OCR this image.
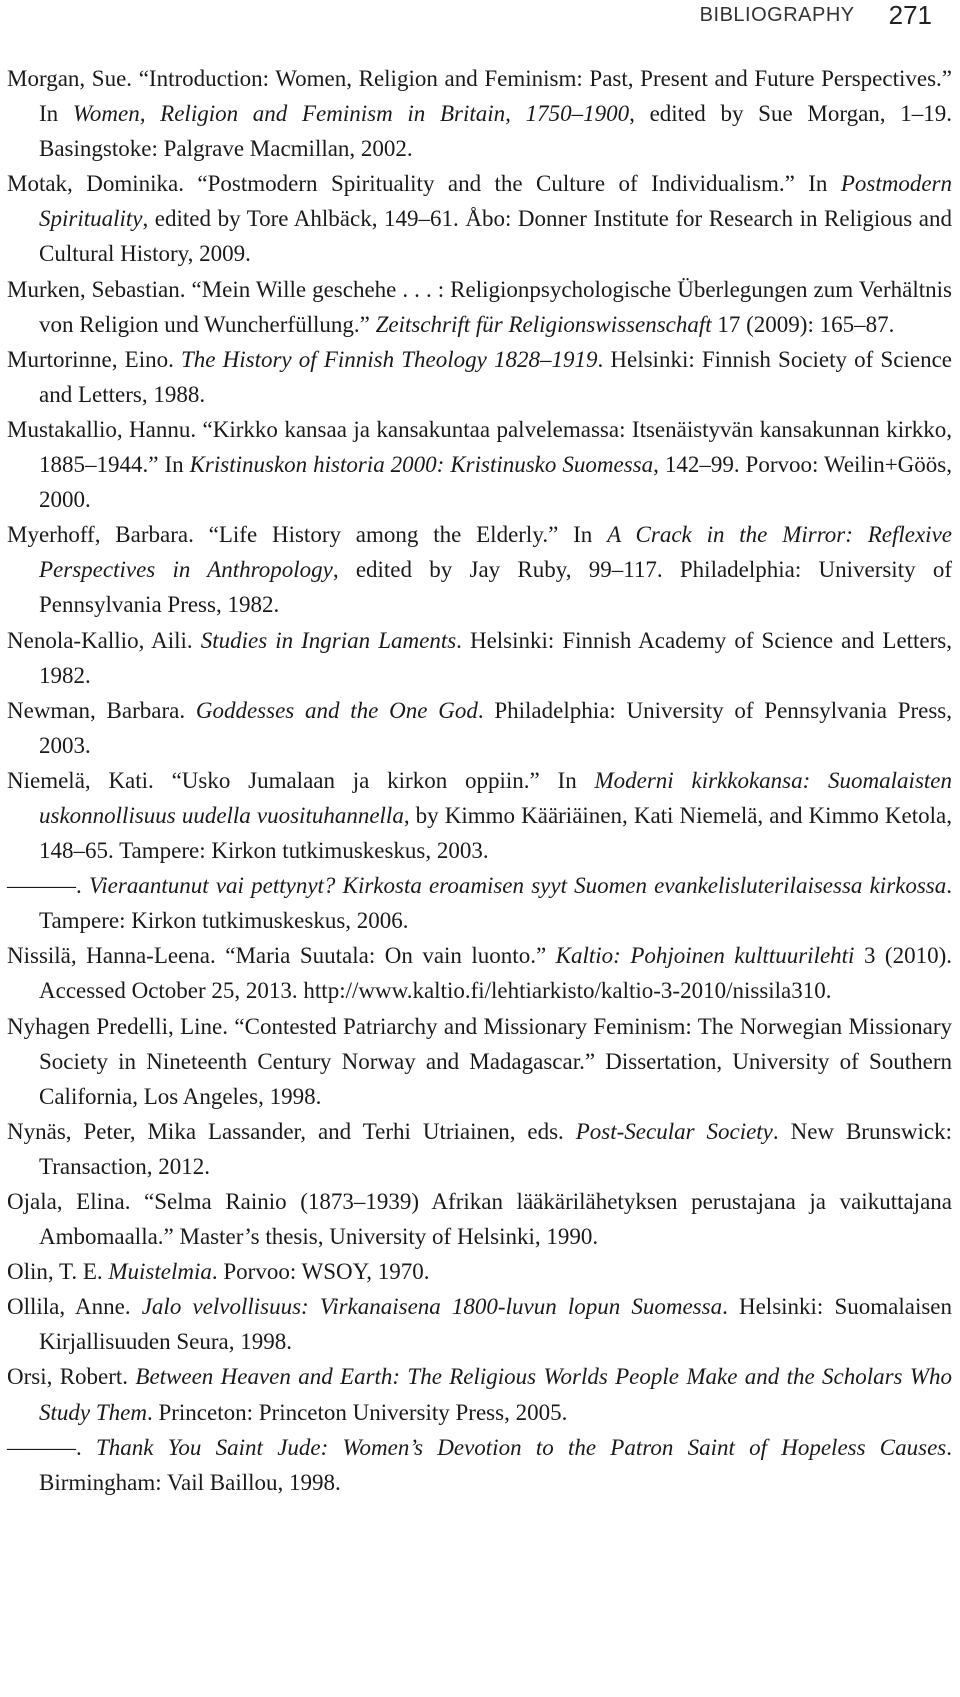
BIBLIOGRAPHY 271
Morgan, Sue. “Introduction: Women, Religion and Feminism: Past, Present and Future Perspectives.” In Women, Religion and Feminism in Britain, 1750–1900, edited by Sue Morgan, 1–19. Basingstoke: Palgrave Macmillan, 2002.
Motak, Dominika. “Postmodern Spirituality and the Culture of Individualism.” In Postmodern Spirituality, edited by Tore Ahlbäck, 149–61. Åbo: Donner Institute for Research in Religious and Cultural History, 2009.
Murken, Sebastian. “Mein Wille geschehe . . . : Religionpsychologische Überlegungen zum Verhältnis von Religion und Wuncherfüllung.” Zeitschrift für Religionswissenschaft 17 (2009): 165–87.
Murtorinne, Eino. The History of Finnish Theology 1828–1919. Helsinki: Finnish Society of Science and Letters, 1988.
Mustakallio, Hannu. “Kirkko kansaa ja kansakuntaa palvelemassa: Itsenäistyvän kansakunnan kirkko, 1885–1944.” In Kristinuskon historia 2000: Kristinusko Suomessa, 142–99. Porvoo: Weilin+Göös, 2000.
Myerhoff, Barbara. “Life History among the Elderly.” In A Crack in the Mirror: Reflexive Perspectives in Anthropology, edited by Jay Ruby, 99–117. Philadelphia: University of Pennsylvania Press, 1982.
Nenola-Kallio, Aili. Studies in Ingrian Laments. Helsinki: Finnish Academy of Science and Letters, 1982.
Newman, Barbara. Goddesses and the One God. Philadelphia: University of Pennsylvania Press, 2003.
Niemelä, Kati. “Usko Jumalaan ja kirkon oppiin.” In Moderni kirkkokansa: Suomalaisten uskonnollisuus uudella vuosituhannella, by Kimmo Kääriäinen, Kati Niemelä, and Kimmo Ketola, 148–65. Tampere: Kirkon tutkimuskeskus, 2003.
———. Vieraantunut vai pettynyt? Kirkosta eroamisen syyt Suomen evankelisluterilaisessa kirkossa. Tampere: Kirkon tutkimuskeskus, 2006.
Nissilä, Hanna-Leena. “Maria Suutala: On vain luonto.” Kaltio: Pohjoinen kulttuurilehti 3 (2010). Accessed October 25, 2013. http://www.kaltio.fi/lehtiarkisto/kaltio-3-2010/nissila310.
Nyhagen Predelli, Line. “Contested Patriarchy and Missionary Feminism: The Norwegian Missionary Society in Nineteenth Century Norway and Madagascar.” Dissertation, University of Southern California, Los Angeles, 1998.
Nynäs, Peter, Mika Lassander, and Terhi Utriainen, eds. Post-Secular Society. New Brunswick: Transaction, 2012.
Ojala, Elina. “Selma Rainio (1873–1939) Afrikan lääkärilähetyksen perustajana ja vaikuttajana Ambomaalla.” Master’s thesis, University of Helsinki, 1990.
Olin, T. E. Muistelmia. Porvoo: WSOY, 1970.
Ollila, Anne. Jalo velvollisuus: Virkanaisena 1800-luvun lopun Suomessa. Helsinki: Suomalaisen Kirjallisuuden Seura, 1998.
Orsi, Robert. Between Heaven and Earth: The Religious Worlds People Make and the Scholars Who Study Them. Princeton: Princeton University Press, 2005.
———. Thank You Saint Jude: Women’s Devotion to the Patron Saint of Hopeless Causes. Birmingham: Vail Baillou, 1998.
